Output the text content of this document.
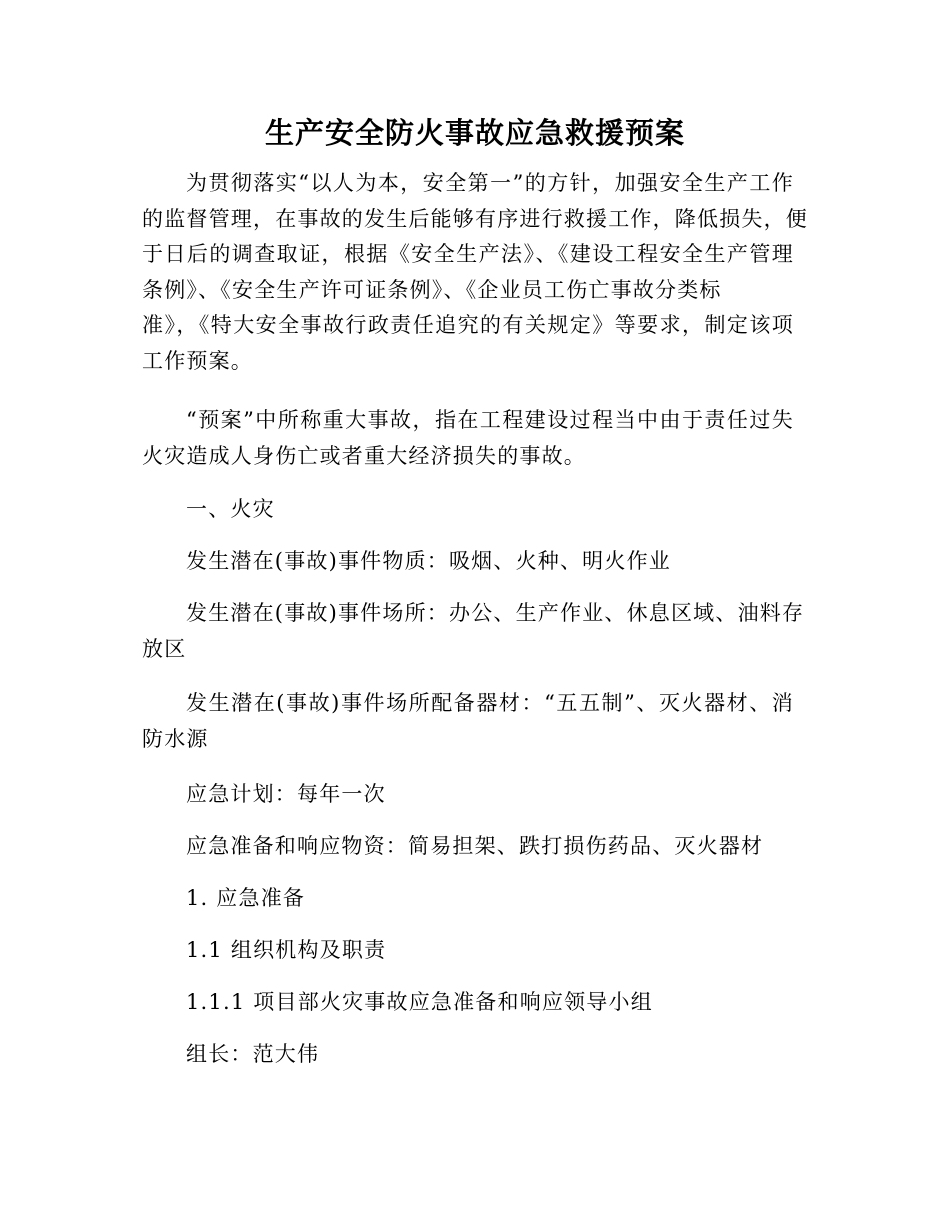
生产安全防火事故应急救援预案
为贯彻落实“以人为本，安全第一”的方针，加强安全生产工作
的监督管理，在事故的发生后能够有序进行救援工作，降低损失，便
于日后的调查取证，根据《安全生产法》、《建设工程安全生产管理
条例》、《安全生产许可证条例》、《企业员工伤亡事故分类标
准》，《特大安全事故行政责任追究的有关规定》等要求，制定该项
工作预案。
“预案”中所称重大事故，指在工程建设过程当中由于责任过失
火灾造成人身伤亡或者重大经济损失的事故。
一、火灾
发生潜在(事故)事件物质：吸烟、火种、明火作业
发生潜在(事故)事件场所：办公、生产作业、休息区域、油料存
放区
发生潜在(事故)事件场所配备器材：“五五制”、灭火器材、消
防水源
应急计划：每年一次
应急准备和响应物资：简易担架、跌打损伤药品、灭火器材
1. 应急准备
1.1 组织机构及职责
1.1.1 项目部火灾事故应急准备和响应领导小组
组长：范大伟
